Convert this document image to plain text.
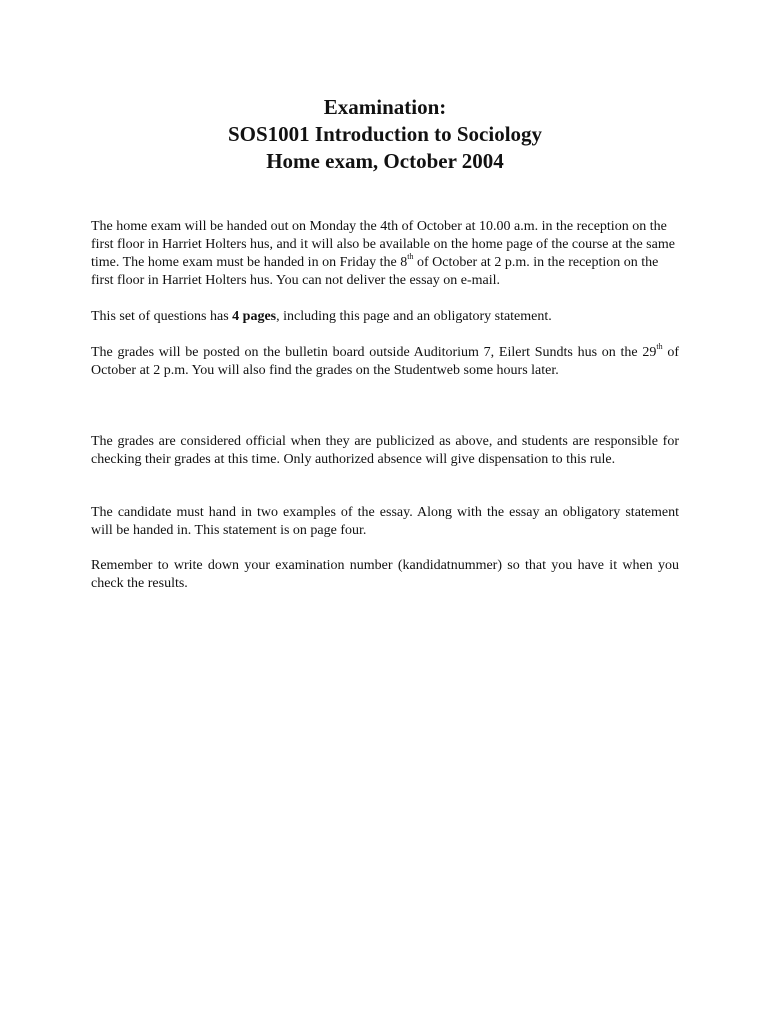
Examination:
SOS1001 Introduction to Sociology
Home exam, October 2004

The home exam will be handed out on Monday the 4th of October at 10.00 a.m. in the reception on the first floor in Harriet Holters hus, and it will also be available on the home page of the course at the same time. The home exam must be handed in on Friday the 8th of October at 2 p.m. in the reception on the first floor in Harriet Holters hus. You can not deliver the essay on e-mail.

This set of questions has 4 pages, including this page and an obligatory statement.

The grades will be posted on the bulletin board outside Auditorium 7, Eilert Sundts hus on the 29th of October at 2 p.m. You will also find the grades on the Studentweb some hours later.

The grades are considered official when they are publicized as above, and students are responsible for checking their grades at this time. Only authorized absence will give dispensation to this rule.

The candidate must hand in two examples of the essay. Along with the essay an obligatory statement will be handed in. This statement is on page four.

Remember to write down your examination number (kandidatnummer) so that you have it when you check the results.
